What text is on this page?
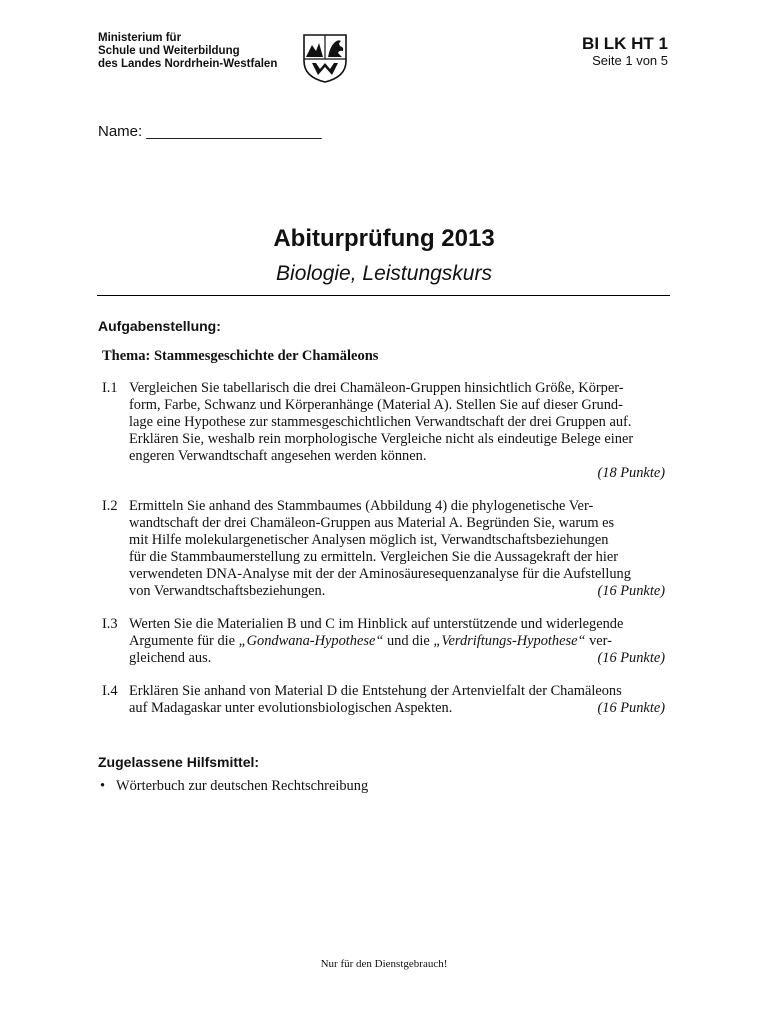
Ministerium für
Schule und Weiterbildung
des Landes Nordrhein-Westfalen
BI LK HT 1
Seite 1 von 5
Name: _____________________
Abiturprüfung 2013
Biologie, Leistungskurs
Aufgabenstellung:
Thema: Stammesgeschichte der Chamäleons
I.1 Vergleichen Sie tabellarisch die drei Chamäleon-Gruppen hinsichtlich Größe, Körper-
form, Farbe, Schwanz und Körperanhänge (Material A). Stellen Sie auf dieser Grund-
lage eine Hypothese zur stammesgeschichtlichen Verwandtschaft der drei Gruppen auf.
Erklären Sie, weshalb rein morphologische Vergleiche nicht als eindeutige Belege einer
engeren Verwandtschaft angesehen werden können.
(18 Punkte)
I.2 Ermitteln Sie anhand des Stammbaumes (Abbildung 4) die phylogenetische Ver-
wandtschaft der drei Chamäleon-Gruppen aus Material A. Begründen Sie, warum es
mit Hilfe molekulargenetischer Analysen möglich ist, Verwandtschaftsbeziehungen
für die Stammbaumerstellung zu ermitteln. Vergleichen Sie die Aussagekraft der hier
verwendeten DNA-Analyse mit der der Aminosäuresequenzanalyse für die Aufstellung
(16 Punkte)
von Verwandtschaftsbeziehungen.
I.3 Werten Sie die Materialien B und C im Hinblick auf unterstützende und widerlegende
Argumente für die „Gondwana-Hypothese“ und die „Verdriftungs-Hypothese“ ver-
(16 Punkte)
gleichend aus.
I.4 Erklären Sie anhand von Material D die Entstehung der Artenvielfalt der Chamäleons
(16 Punkte)
auf Madagaskar unter evolutionsbiologischen Aspekten.
Zugelassene Hilfsmittel:
• Wörterbuch zur deutschen Rechtschreibung
Nur für den Dienstgebrauch!
